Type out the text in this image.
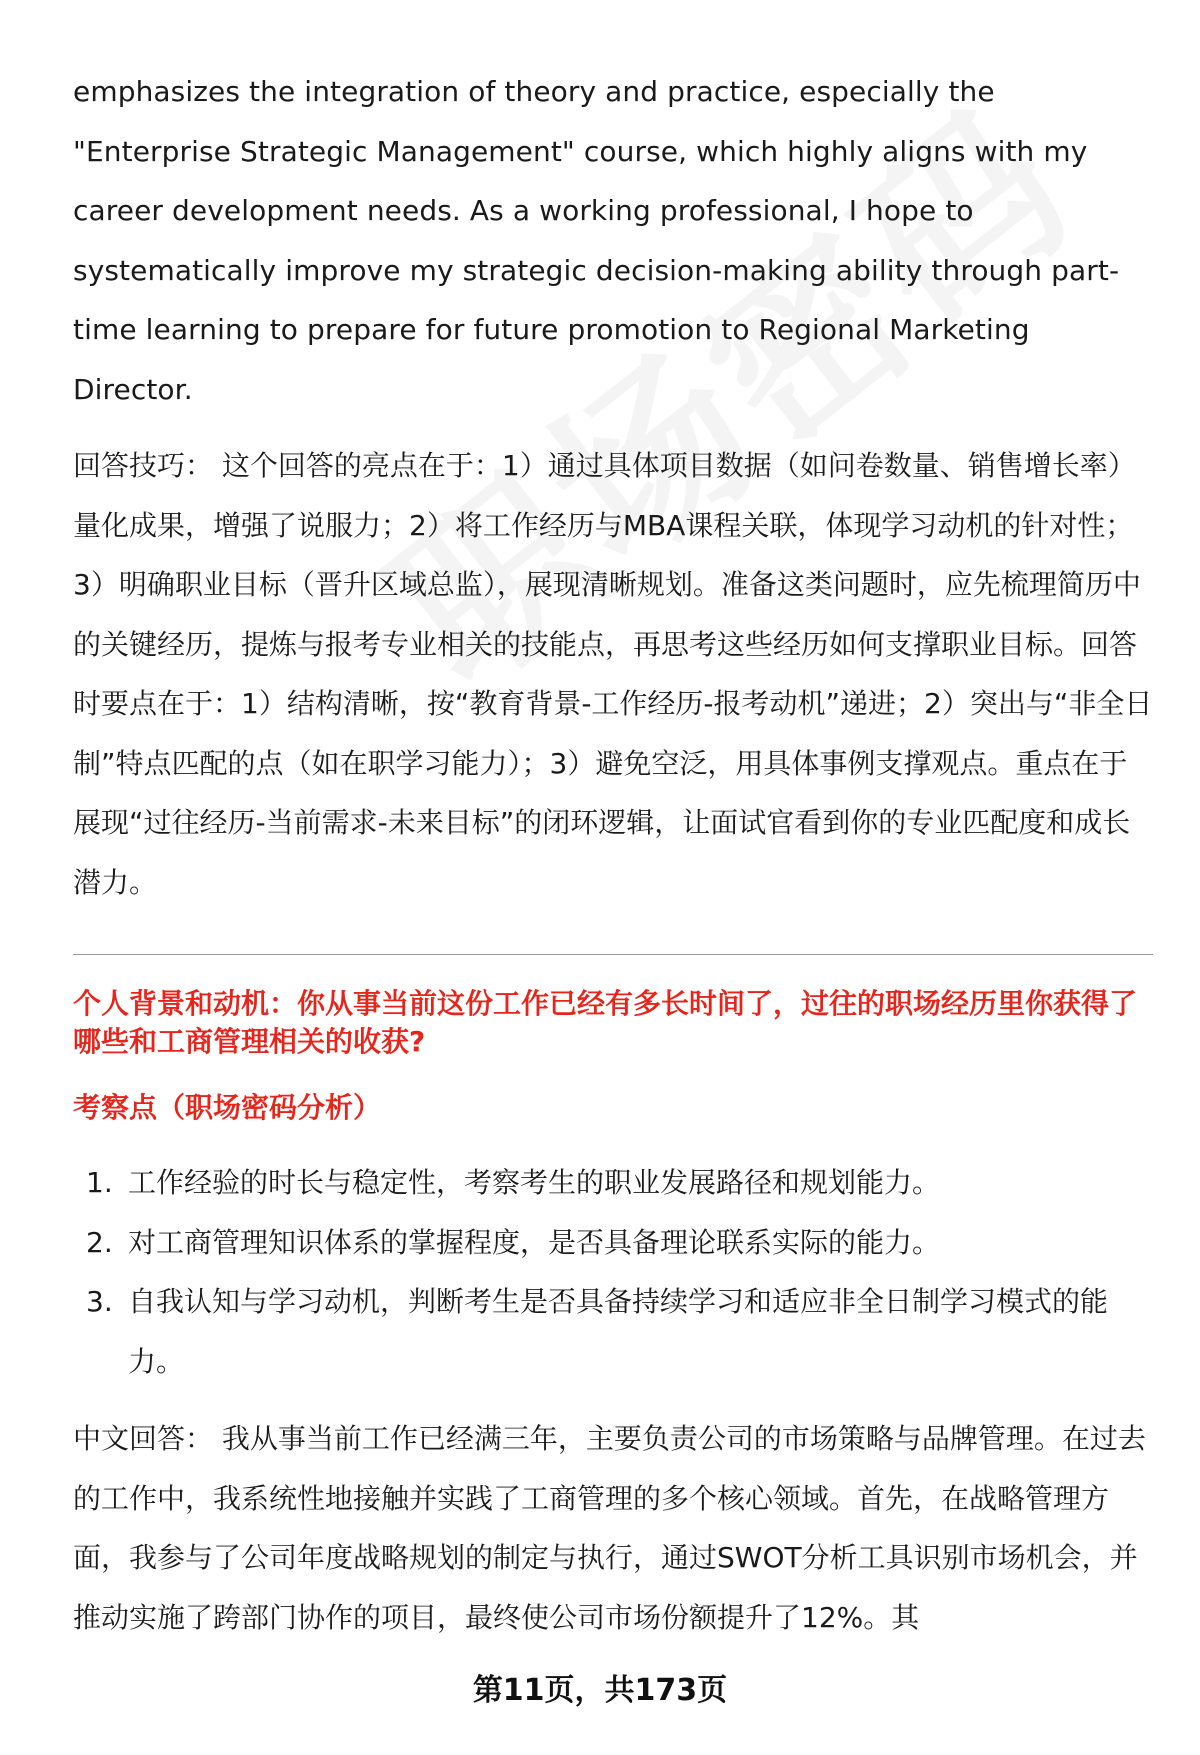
emphasizes the integration of theory and practice, especially the "Enterprise Strategic Management" course, which highly aligns with my career development needs. As a working professional, I hope to systematically improve my strategic decision-making ability through part-time learning to prepare for future promotion to Regional Marketing Director.

回答技巧： 这个回答的亮点在于：1）通过具体项目数据（如问卷数量、销售增长率）量化成果，增强了说服力；2）将工作经历与MBA课程关联，体现学习动机的针对性；3）明确职业目标（晋升区域总监），展现清晰规划。准备这类问题时，应先梳理简历中的关键经历，提炼与报考专业相关的技能点，再思考这些经历如何支撑职业目标。回答时要点在于：1）结构清晰，按“教育背景-工作经历-报考动机”递进；2）突出与“非全日制”特点匹配的点（如在职学习能力）；3）避免空泛，用具体事例支撑观点。重点在于展现“过往经历-当前需求-未来目标”的闭环逻辑，让面试官看到你的专业匹配度和成长潜力。

个人背景和动机：你从事当前这份工作已经有多长时间了，过往的职场经历里你获得了哪些和工商管理相关的收获?
考察点（职场密码分析）
1. 工作经验的时长与稳定性，考察考生的职业发展路径和规划能力。
2. 对工商管理知识体系的掌握程度，是否具备理论联系实际的能力。
3. 自我认知与学习动机，判断考生是否具备持续学习和适应非全日制学习模式的能力。

中文回答： 我从事当前工作已经满三年，主要负责公司的市场策略与品牌管理。在过去的工作中，我系统性地接触并实践了工商管理的多个核心领域。首先，在战略管理方面，我参与了公司年度战略规划的制定与执行，通过SWOT分析工具识别市场机会，并推动实施了跨部门协作的项目，最终使公司市场份额提升了12%。其

第11页，共173页
